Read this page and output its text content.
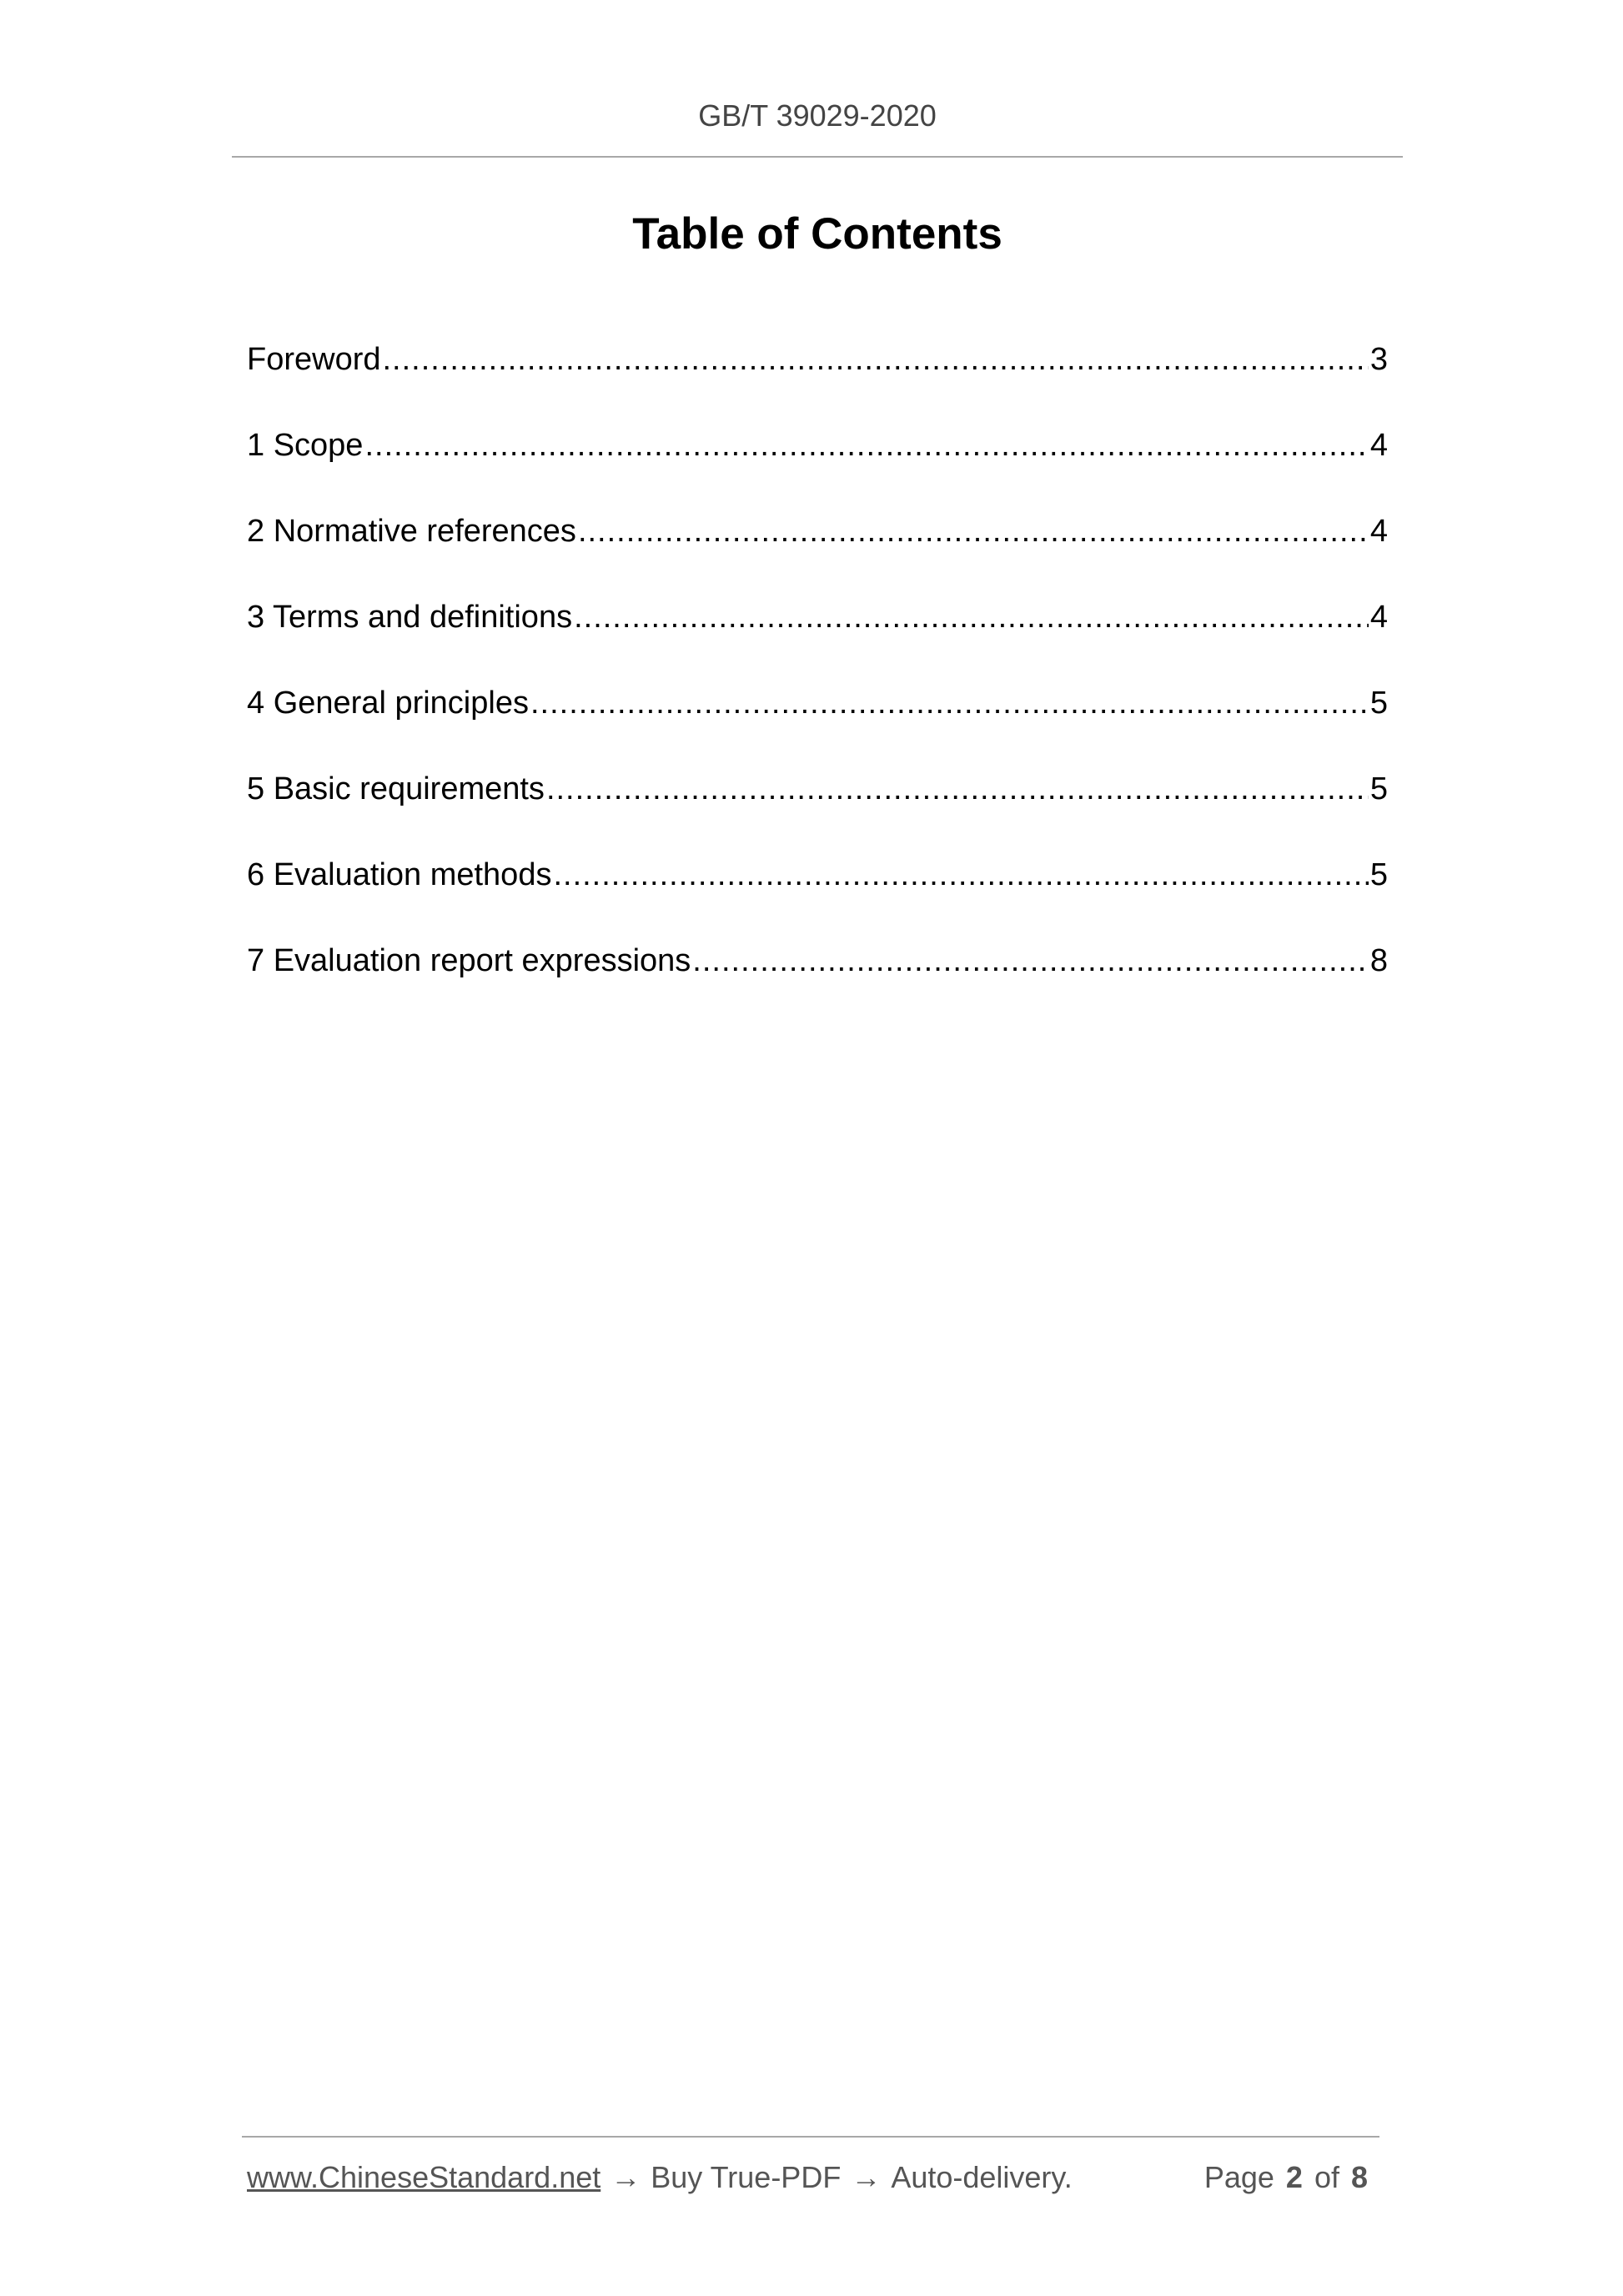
GB/T 39029-2020
Table of Contents
Foreword .....	3
1 Scope .....	4
2 Normative references .....	4
3 Terms and definitions .....	4
4 General principles .....	5
5 Basic requirements .....	5
6 Evaluation methods .....	5
7 Evaluation report expressions .....	8
www.ChineseStandard.net → Buy True-PDF → Auto-delivery.	Page 2 of 8
